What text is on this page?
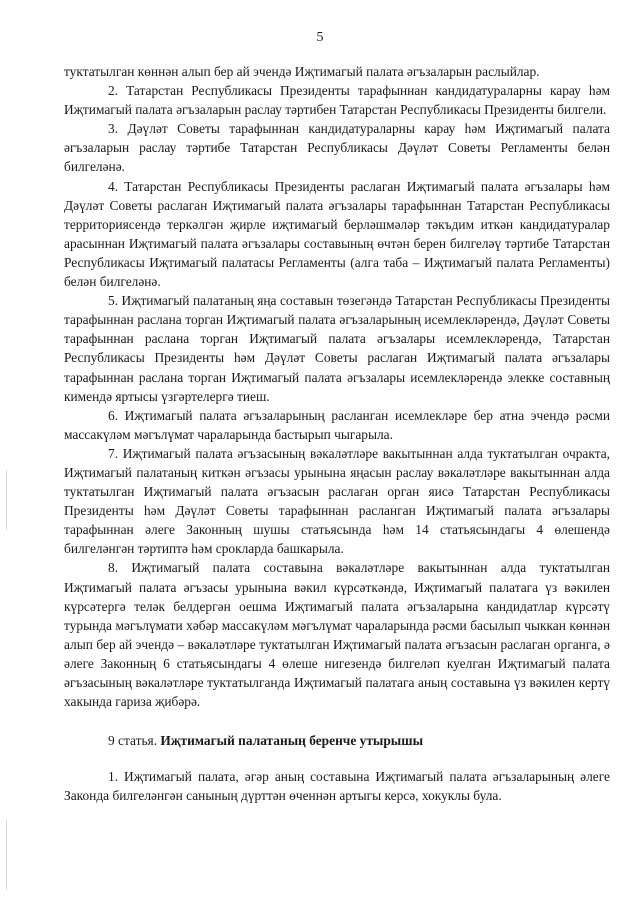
5

туктатылган көннән алып бер ай эчендә Иҗтимагый палата әгъзаларын раслыйлар.

2. Татарстан Республикасы Президенты тарафыннан кандидатураларны карау һәм Иҗтимагый палата әгъзаларын раслау тәртибен Татарстан Республикасы Президенты билгели.

3. Дәүләт Советы тарафыннан кандидатураларны карау һәм Иҗтимагый палата әгъзаларын раслау тәртибе Татарстан Республикасы Дәүләт Советы Регламенты белән билгеләнә.

4. Татарстан Республикасы Президенты раслаган Иҗтимагый палата әгъзалары һәм Дәүләт Советы раслаган Иҗтимагый палата әгъзалары тарафыннан Татарстан Республикасы территориясендә теркәлгән җирле иҗтимагый берләшмәләр тәкъдим иткән кандидатуралар арасыннан Иҗтимагый палата әгъзалары составының өчтән берен билгеләү тәртибе Татарстан Республикасы Иҗтимагый палатасы Регламенты (алга таба – Иҗтимагый палата Регламенты) белән билгеләнә.

5. Иҗтимагый палатаның яңа составын төзегәндә Татарстан Республикасы Президенты тарафыннан раслана торган Иҗтимагый палата әгъзаларының исемлекләрендә, Дәүләт Советы тарафыннан раслана торган Иҗтимагый палата әгъзалары исемлекләрендә, Татарстан Республикасы Президенты һәм Дәүләт Советы раслаган Иҗтимагый палата әгъзалары тарафыннан раслана торган Иҗтимагый палата әгъзалары исемлекләрендә элекке составның кимендә яртысы үзгәртелергә тиеш.

6. Иҗтимагый палата әгъзаларының расланган исемлекләре бер атна эчендә рәсми массакүләм мәгълүмат чараларында бастырып чыгарыла.

7. Иҗтимагый палата әгъзасының вәкаләтләре вакытыннан алда туктатылган очракта, Иҗтимагый палатаның киткән әгъзасы урынына яңасын раслау вәкаләтләре вакытыннан алда туктатылган Иҗтимагый палата әгъзасын раслаган орган яисә Татарстан Республикасы Президенты һәм Дәүләт Советы тарафыннан расланган Иҗтимагый палата әгъзалары тарафыннан әлеге Законның шушы статьясында һәм 14 статьясындагы 4 өлешендә билгеләнгән тәртиптә һәм срокларда башкарыла.

8. Иҗтимагый палата составына вәкаләтләре вакытыннан алда туктатылган Иҗтимагый палата әгъзасы урынына вәкил күрсәткәндә, Иҗтимагый палатага үз вәкилен күрсәтергә теләк белдергән оешма Иҗтимагый палата әгъзаларына кандидатлар күрсәтү турында мәгълүмати хәбәр массакүләм мәгълүмат чараларында рәсми басылып чыккан көннән алып бер ай эчендә – вәкаләтләре туктатылган Иҗтимагый палата әгъзасын раслаган органга, ә әлеге Законның 6 статьясындагы 4 өлеше нигезендә билгеләп куелган Иҗтимагый палата әгъзасының вәкаләтләре туктатылганда Иҗтимагый палатага аның составына үз вәкилен кертү хакында гариза җибәрә.

9 статья. Иҗтимагый палатаның беренче утырышы

1. Иҗтимагый палата, әгәр аның составына Иҗтимагый палата әгъзаларының әлеге Законда билгеләнгән санының дүрттән өченнән артыгы керсә, хокуклы була.
